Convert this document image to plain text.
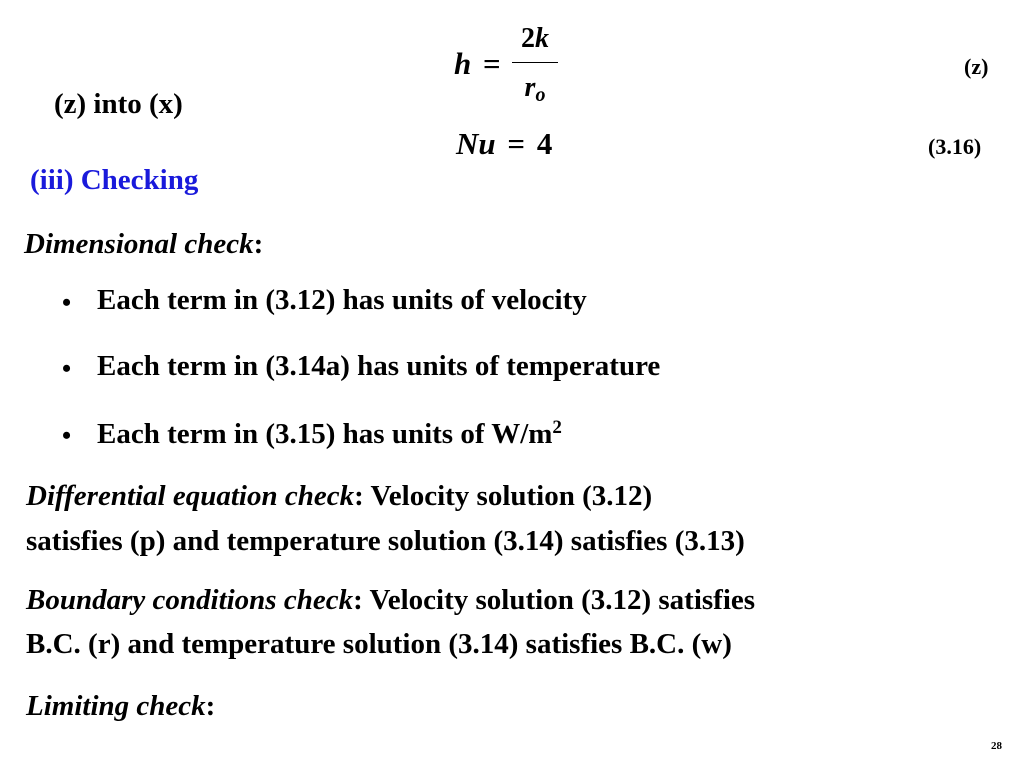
h =
2k
$r_o$
(z)
(z) into (x)
Nu = 4	(3.16)
(iii) Checking
Dimensional check:
• Each term in (3.12) has units of velocity
• Each term in (3.14a) has units of temperature
• Each term in (3.15) has units of $W/m^2$
Differential equation check: Velocity solution (3.12)
satisfies (p) and temperature solution (3.14) satisfies (3.13)
Boundary conditions check: Velocity solution (3.12) satisfies
B.C. (r) and temperature solution (3.14) satisfies B.C. (w)
Limiting check:
28
